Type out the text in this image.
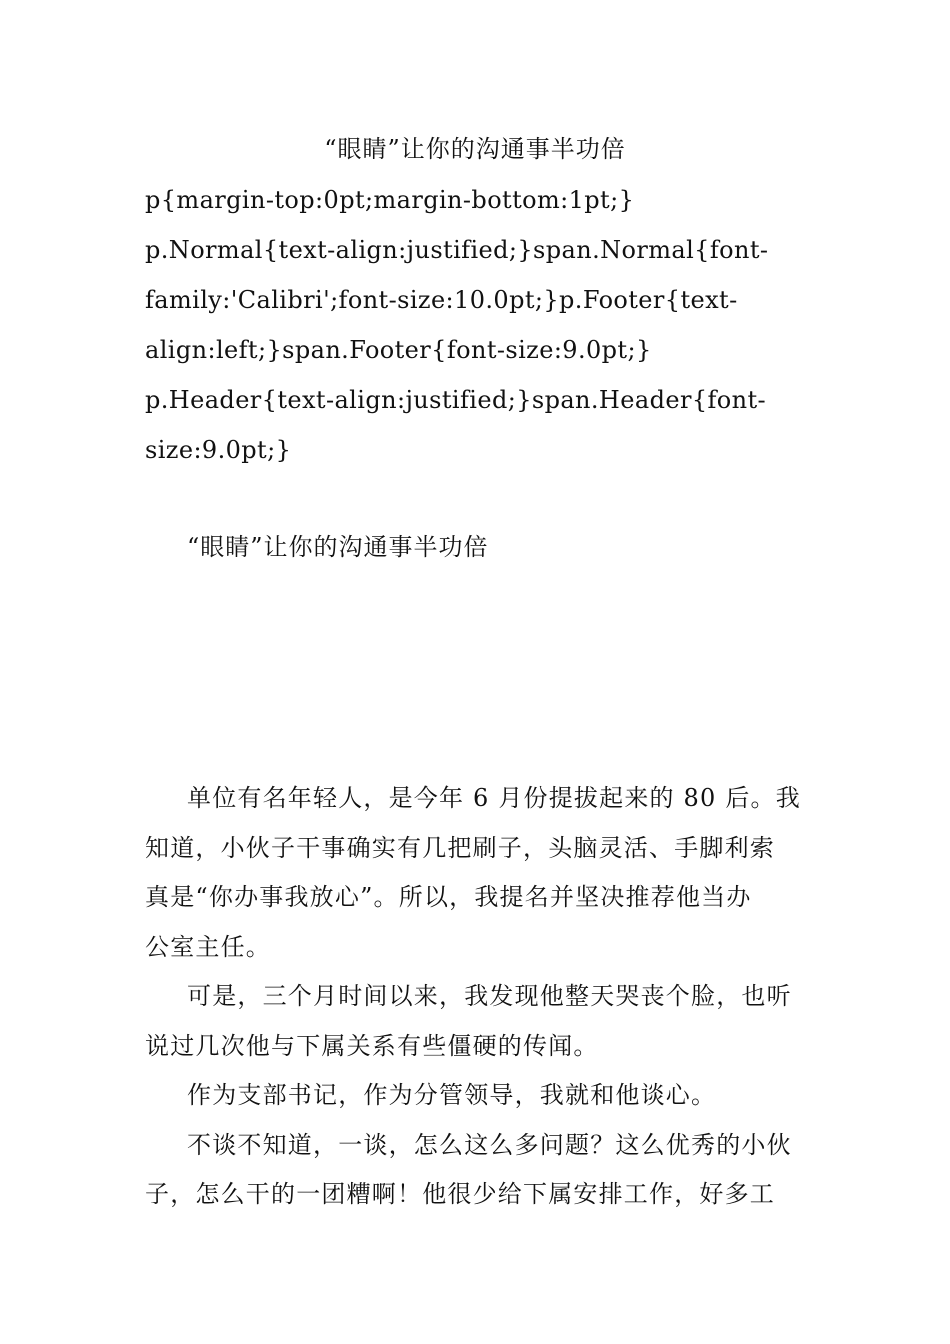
“眼睛”让你的沟通事半功倍
p{margin-top:0pt;margin-bottom:1pt;}
p.Normal{text-align:justified;}span.Normal{font-
family:'Calibri';font-size:10.0pt;}p.Footer{text-
align:left;}span.Footer{font-size:9.0pt;}
p.Header{text-align:justified;}span.Header{font-
size:9.0pt;}
“眼睛”让你的沟通事半功倍
单位有名年轻人，是今年 6 月份提拔起来的 80 后。我
知道，小伙子干事确实有几把刷子，头脑灵活、手脚利索
真是“你办事我放心”。所以，我提名并坚决推荐他当办
公室主任。
可是，三个月时间以来，我发现他整天哭丧个脸，也听
说过几次他与下属关系有些僵硬的传闻。
作为支部书记，作为分管领导，我就和他谈心。
不谈不知道，一谈，怎么这么多问题？这么优秀的小伙
子，怎么干的一团糟啊！他很少给下属安排工作，好多工
